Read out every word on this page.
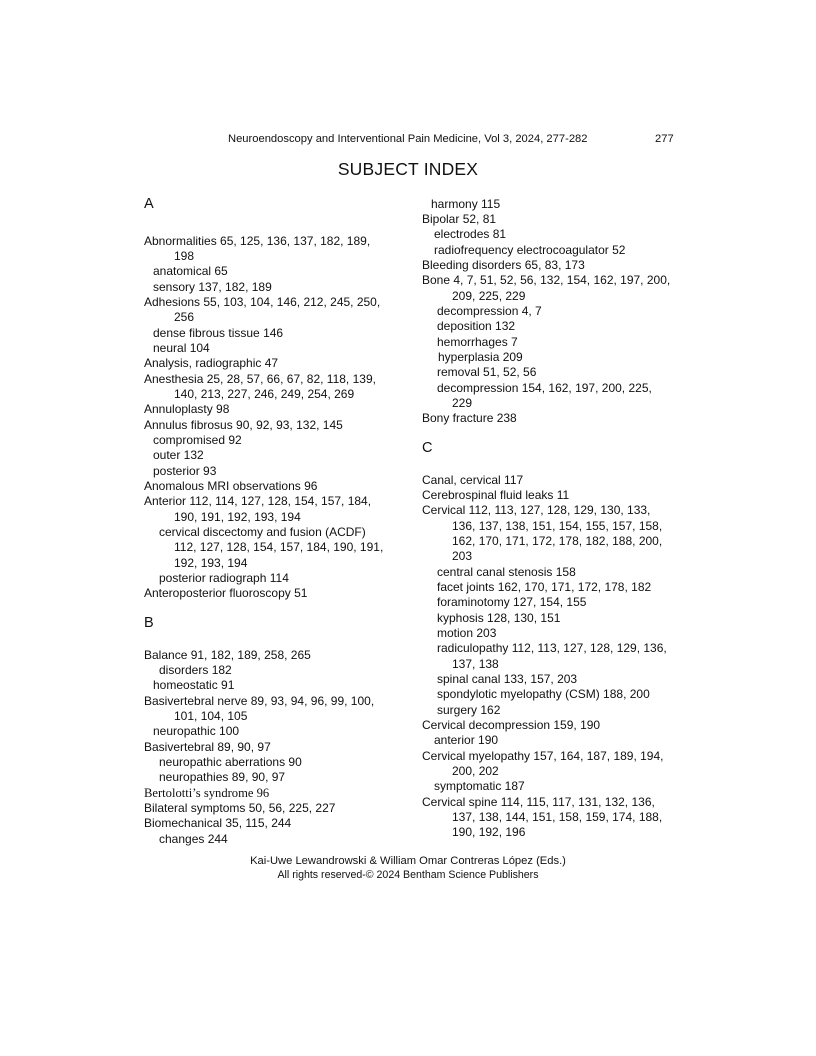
Neuroendoscopy and Interventional Pain Medicine, Vol 3, 2024, 277-282	277
SUBJECT INDEX
A
Abnormalities 65, 125, 136, 137, 182, 189,
198
anatomical 65
sensory 137, 182, 189
Adhesions 55, 103, 104, 146, 212, 245, 250,
256
dense fibrous tissue 146
neural 104
Analysis, radiographic 47
Anesthesia 25, 28, 57, 66, 67, 82, 118, 139,
140, 213, 227, 246, 249, 254, 269
Annuloplasty 98
Annulus fibrosus 90, 92, 93, 132, 145
compromised 92
outer 132
posterior 93
Anomalous MRI observations 96
Anterior 112, 114, 127, 128, 154, 157, 184,
190, 191, 192, 193, 194
cervical discectomy and fusion (ACDF)
112, 127, 128, 154, 157, 184, 190, 191,
192, 193, 194
posterior radiograph 114
Anteroposterior fluoroscopy 51
B
Balance 91, 182, 189, 258, 265
disorders 182
homeostatic 91
Basivertebral nerve 89, 93, 94, 96, 99, 100,
101, 104, 105
neuropathic 100
Basivertebral 89, 90, 97
neuropathic aberrations 90
neuropathies 89, 90, 97
Bertolotti’s syndrome 96
Bilateral symptoms 50, 56, 225, 227
Biomechanical 35, 115, 244
changes 244
harmony 115
Bipolar 52, 81
electrodes 81
radiofrequency electrocoagulator 52
Bleeding disorders 65, 83, 173
Bone 4, 7, 51, 52, 56, 132, 154, 162, 197, 200,
209, 225, 229
decompression 4, 7
deposition 132
hemorrhages 7
hyperplasia 209
removal 51, 52, 56
decompression 154, 162, 197, 200, 225,
229
Bony fracture 238
C
Canal, cervical 117
Cerebrospinal fluid leaks 11
Cervical 112, 113, 127, 128, 129, 130, 133,
136, 137, 138, 151, 154, 155, 157, 158,
162, 170, 171, 172, 178, 182, 188, 200,
203
central canal stenosis 158
facet joints 162, 170, 171, 172, 178, 182
foraminotomy 127, 154, 155
kyphosis 128, 130, 151
motion 203
radiculopathy 112, 113, 127, 128, 129, 136,
137, 138
spinal canal 133, 157, 203
spondylotic myelopathy (CSM) 188, 200
surgery 162
Cervical decompression 159, 190
anterior 190
Cervical myelopathy 157, 164, 187, 189, 194,
200, 202
symptomatic 187
Cervical spine 114, 115, 117, 131, 132, 136,
137, 138, 144, 151, 158, 159, 174, 188,
190, 192, 196
Kai-Uwe Lewandrowski & William Omar Contreras López (Eds.)
All rights reserved-© 2024 Bentham Science Publishers
